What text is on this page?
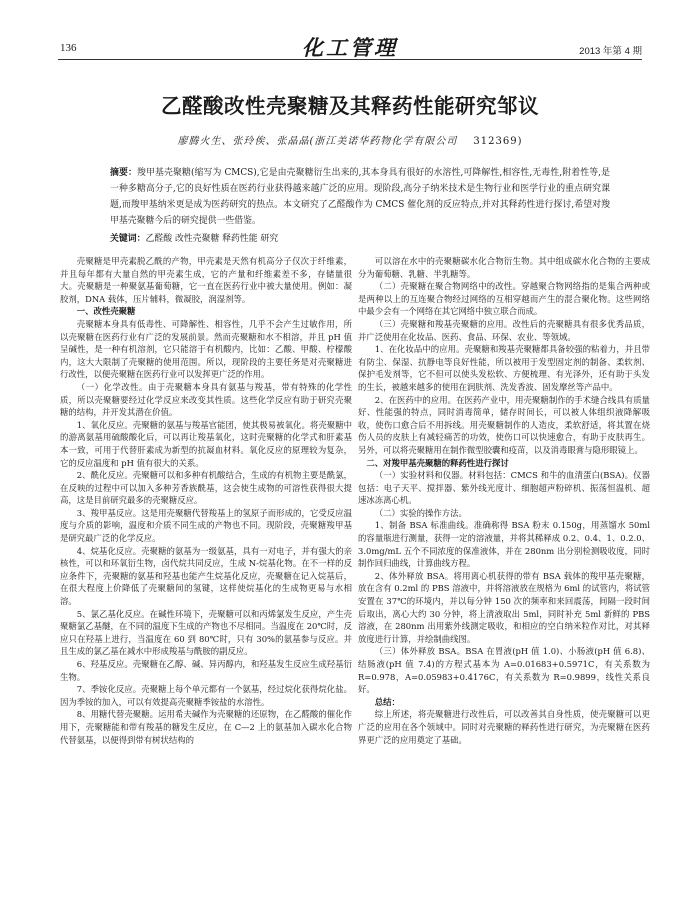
136	化工管理	2013 年第 4 期
乙醛酸改性壳聚糖及其释药性能研究邹议
廖腾火生、张玲俟、张晶晶(浙江美诺华药物化学有限公司 312369)
摘要：羧甲基壳聚糖(缩写为 CMCS),它是由壳聚糖衍生出来的,其本身具有很好的水溶性,可降解性,相容性,无毒性,附着性等,是一种多糖高分子,它的良好性质在医药行业获得越来越广泛的应用。现阶段,高分子纳米技术是生物行业和医学行业的重点研究课题,而羧甲基纳米更是成为医药研究的热点。本文研究了乙醛酸作为 CMCS 催化剂的反应特点,并对其释药性进行探讨,希望对羧甲基壳聚糖今后的研究提供一些借鉴。
关键词：乙醛酸 改性壳聚糖 释药性能 研究

壳聚糖是甲壳素脱乙酰的产物，甲壳素是天然有机高分子仅次于纤维素，并且每年都有大量自然的甲壳素生成，它的产量和纤维素差不多，存储量很大。壳聚糖是一种聚氨基葡萄糖，它一直在医药行业中被大量使用。例如：凝胶剂，DNA 载体，压片辅料，微凝胶，润湿剂等。

一、改性壳聚糖

壳聚糖本身具有低毒性、可降解性、相容性，几乎不会产生过敏作用，所以壳聚糖在医药行业有广泛的发展前景。然而壳聚糖和水不相溶，并且 pH 值呈碱性，是一种有机溶剂，它只能溶于有机酸内，比如：乙酸、甲酸、柠檬酸内，这大大限制了壳聚糖的使用范围。所以，现阶段的主要任务是对壳聚糖进行改性，以便壳聚糖在医药行业可以发挥更广泛的作用。

（一）化学改性。由于壳聚糖本身具有氨基与羧基，带有特殊的化学性质，所以壳聚糖要经过化学反应来改变其性质。这些化学反应有助于研究壳聚糖的结构，并开发其潜在价值。

1、氧化反应。壳聚糖的氨基与羧基官能团，使其极易被氧化。将壳聚糖中的游离氨基用硫酸酸化后，可以再让羧基氧化，这时壳聚糖的化学式和肝素基本一致，可用于代替肝素成为新型的抗凝血材料。氧化反应的原理较为复杂，它的反应温度和 pH 值有很大的关系。

2、酰化反应。壳聚糖可以和多种有机酸结合，生成的有机物主要是酰氯，在反映的过程中可以加入多种芳香族酰基，这会使生成物的可溶性获得很大提高，这是目前研究最多的壳聚糖反应。

3、羧甲基反应。这是用壳聚糖代替羧基上的氢原子而形成的，它受反应温度与介质的影响，温度和介质不同生成的产物也不同。现阶段，壳聚糖羧甲基是研究最广泛的化学反应。

4、烷基化反应。壳聚糖的氨基为一级氨基，具有一对电子，并有强大的亲核性，可以和环氧衍生物，卤代烷共同反应，生成 N-烷基化物。在不一样的反应条件下，壳聚糖的氨基和羟基也能产生烷基化反应，壳聚糖在记入烷基后，在很大程度上价降低了壳聚糖间的氢键，这样使烷基化的生成物更易与水相溶。

5、氯乙基化反应。在碱性环境下，壳聚糖可以和丙烯氯发生反应，产生壳聚糖氯乙基醚，在不同的温度下生成的产物也不尽相同。当温度在 20℃时，反应只在羟基上进行，当温度在 60 到 80℃时，只有 30%的氨基参与反应。并且生成的氯乙基在减水中形成羧基与酰胺的副反应。

6、羟基反应。壳聚糖在乙醇、碱、异丙醇内，和羟基发生反应生成羟基衍生物。

7、季铵化反应。壳聚糖上每个单元都有一个氨基，经过烷化获得烷化盐。因为季铵的加入，可以有效提高壳聚糖季铵盐的水溶性。

8、用糖代替壳聚糖。运用希夫碱作为壳聚糖的还原物，在乙醛酸的催化作用下，壳聚糖能和带有羧基的糖发生反应，在 C—2 上的氨基加入碳水化合物代替氨基，以便得到带有树状结构的

可以溶在水中的壳聚糖碳水化合物衍生物。其中组成碳水化合物的主要成分为葡萄糖、乳糖、半乳糖等。

（二）壳聚糖在聚合物网络中的改性。穿越聚合物网络指的是集合两种或是两种以上的互连聚合物经过网络的互相穿越而产生的混合聚化物。这些网络中最少会有一个网络在其它网络中独立联合而成。

（三）壳聚糖和羧基壳聚糖的应用。改性后的壳聚糖具有很多优秀品质，并广泛使用在化妆品、医药、食品、环保、农业、等领域。

1、在化妆品中的应用。壳聚糖和羧基壳聚糖都具备较强的粘着力，并且带有防尘、保湿、抗静电等良好性能，所以被用于发型固定剂的制备、柔软剂、保护毛发剂等，它不但可以使头发松软、方便梳理、有光泽外，还有助于头发的生长，被越来越多的使用在润肤剂、洗发香波、固发摩丝等产品中。

2、在医药中的应用。在医药产业中，用壳聚糖制作的手术缝合线具有质量好、性能强的特点，同时消毒简单，储存时间长，可以被人体组织液降解吸收，使伤口愈合后不用拆线。用壳聚糖制作的人造皮，柔软舒适，将其置在烧伤人员的皮肤上有减轻痛苦的功效，使伤口可以快速愈合，有助于皮肤再生。另外，可以将壳聚糖用在制作微型胶囊和疫苗，以及消毒眼膏与隐形眼镜上。

二、对羧甲基壳聚糖的释药性进行探讨

（一）实验材料和仪器。材料包括：CMCS 和牛的血清蛋白(BSA)。仪器包括：电子天平、搅拌器、紫外线光度计、细胞超声粉碎机、振荡恒温机、超速冰冻离心机。

（二）实验的操作方法。

1、制备 BSA 标准曲线。准确称得 BSA 粉末 0.150g，用蒸馏水 50ml 的容量瓶进行测量，获得一定的溶液量，并将其稀释成 0.2、0.4、1、0.2.0、3.0mg/mL 五个不同浓度的保准液体，并在 280nm 出分别检测吸收度，同时制作回归曲线，计算曲线方程。

2、体外释放 BSA。将用离心机获得的带有 BSA 载体的羧甲基壳聚糖，放在含有 0.2ml 的 PBS 溶液中，并将溶液放在规格为 6ml 的试管内，将试管安置在 37℃的环境内，并以每分钟 150 次的频率和来回震荡，间隔一段时间后取出，离心大约 30 分钟，将上清液取出 5ml，同时补充 5ml 新鲜的 PBS 溶液，在 280nm 出用紫外线测定吸收，和相应的空白纳米粒作对比，对其释放度进行计算，并绘制曲线图。

（三）体外释放 BSA。BSA 在胃液(pH 值 1.0)、小肠液(pH 值 6.8)、结肠液(pH 值 7.4)的方程式基本为 A=0.01683+0.5971C，有关系数为 R=0.978，A=0.05983+0.4176C，有关系数为 R=0.9899，线性关系良好。

总结：

综上所述，将壳聚糖进行改性后，可以改善其自身性质，使壳聚糖可以更广泛的应用在各个领域中。同时对壳聚糖的释药性进行研究，为壳聚糖在医药界更广泛的应用奠定了基础。
